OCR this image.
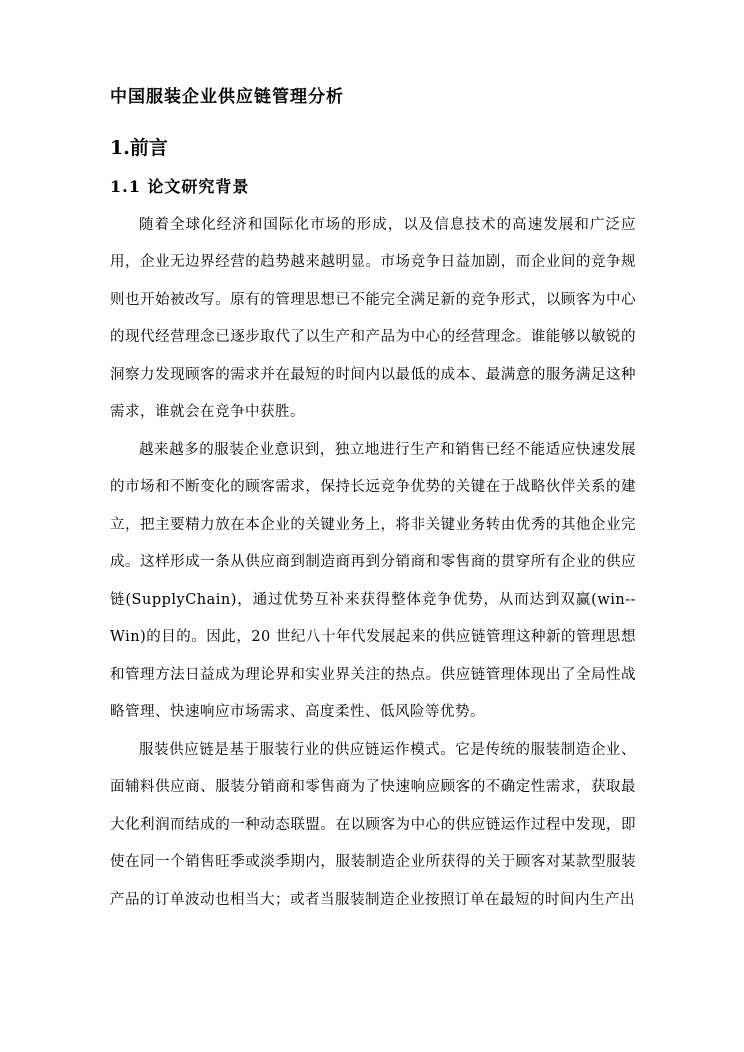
中国服装企业供应链管理分析
1.前言
1.1 论文研究背景

随着全球化经济和国际化市场的形成，以及信息技术的高速发展和广泛应用，企业无边界经营的趋势越来越明显。市场竞争日益加剧，而企业间的竞争规则也开始被改写。原有的管理思想已不能完全满足新的竞争形式，以顾客为中心的现代经营理念已逐步取代了以生产和产品为中心的经营理念。谁能够以敏锐的洞察力发现顾客的需求并在最短的时间内以最低的成本、最满意的服务满足这种需求，谁就会在竞争中获胜。

越来越多的服装企业意识到，独立地进行生产和销售已经不能适应快速发展的市场和不断变化的顾客需求，保持长远竞争优势的关键在于战略伙伴关系的建立，把主要精力放在本企业的关键业务上，将非关键业务转由优秀的其他企业完成。这样形成一条从供应商到制造商再到分销商和零售商的贯穿所有企业的供应链(SupplyChain)，通过优势互补来获得整体竞争优势，从而达到双赢(win--Win)的目的。因此，20 世纪八十年代发展起来的供应链管理这种新的管理思想和管理方法日益成为理论界和实业界关注的热点。供应链管理体现出了全局性战略管理、快速响应市场需求、高度柔性、低风险等优势。

服装供应链是基于服装行业的供应链运作模式。它是传统的服装制造企业、面辅料供应商、服装分销商和零售商为了快速响应顾客的不确定性需求，获取最大化利润而结成的一种动态联盟。在以顾客为中心的供应链运作过程中发现，即使在同一个销售旺季或淡季期内，服装制造企业所获得的关于顾客对某款型服装产品的订单波动也相当大；或者当服装制造企业按照订单在最短的时间内生产出
